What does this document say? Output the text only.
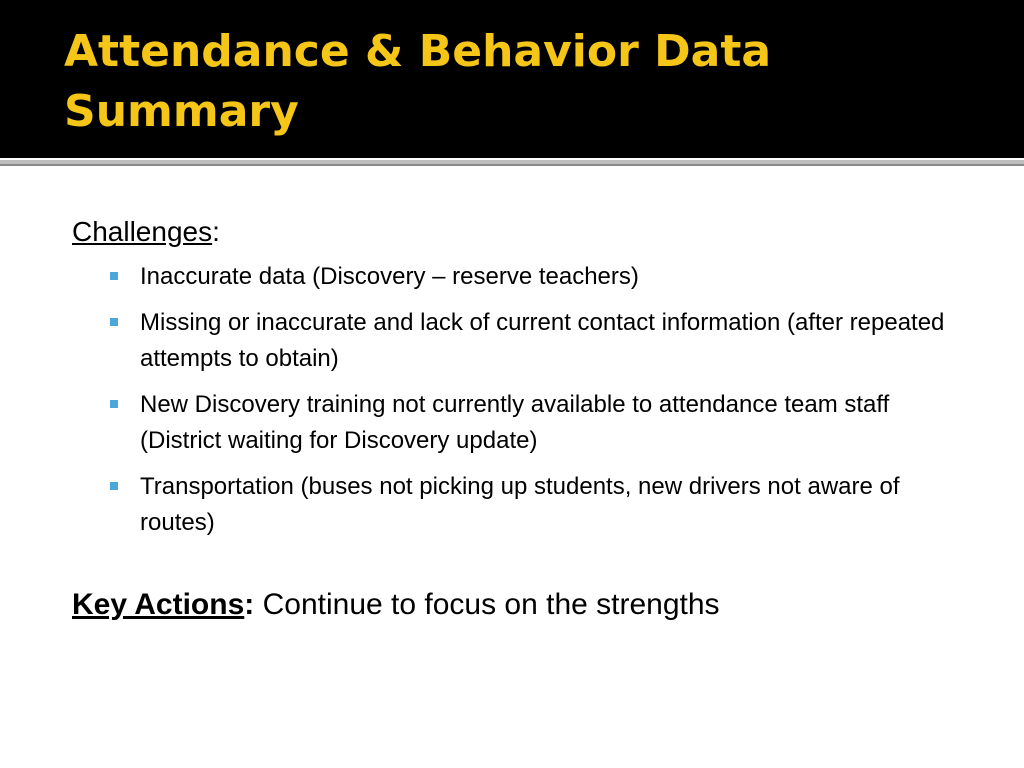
Attendance & Behavior Data Summary
Challenges:
Inaccurate data (Discovery – reserve teachers)
Missing or inaccurate and lack of current contact information (after repeated attempts to obtain)
New Discovery training not currently available to attendance team staff (District waiting for Discovery update)
Transportation (buses not picking up students, new drivers not aware of routes)
Key Actions: Continue to focus on the strengths
